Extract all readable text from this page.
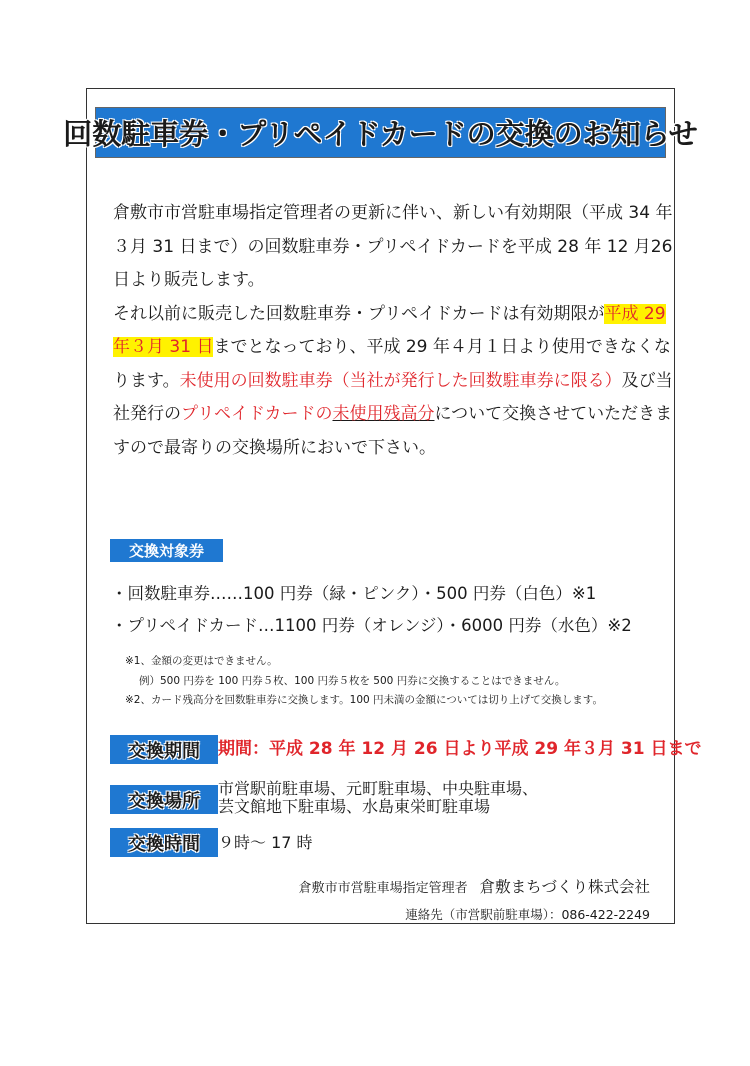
回数駐車券・プリペイドカードの交換のお知らせ

倉敷市市営駐車場指定管理者の更新に伴い、新しい有効期限（平成 34 年３月 31 日まで）の回数駐車券・プリペイドカードを平成 28 年 12 月26 日より販売します。

それ以前に販売した回数駐車券・プリペイドカードは有効期限が平成 29 年３月 31 日までとなっており、平成 29 年４月１日より使用できなくなります。未使用の回数駐車券（当社が発行した回数駐車券に限る）及び当社発行のプリペイドカードの未使用残高分について交換させていただきますので最寄りの交換場所においで下さい。

交換対象券
・回数駐車券……100 円券（緑・ピンク）・500 円券（白色）※1
・プリペイドカード…1100 円券（オレンジ）・6000 円券（水色）※2
※1、金額の変更はできません。
例）500 円券を 100 円券５枚、100 円券５枚を 500 円券に交換することはできません。
※2、カード残高分を回数駐車券に交換します。100 円未満の金額については切り上げて交換します。
交換期間	期間：平成 28 年 12 月 26 日より平成 29 年３月 31 日まで
交換場所
市営駅前駐車場、元町駐車場、中央駐車場、
芸文館地下駐車場、水島東栄町駐車場
交換時間	９時～ 17 時
倉敷市市営駐車場指定管理者 倉敷まちづくり株式会社
連絡先（市営駅前駐車場）：086-422-2249
